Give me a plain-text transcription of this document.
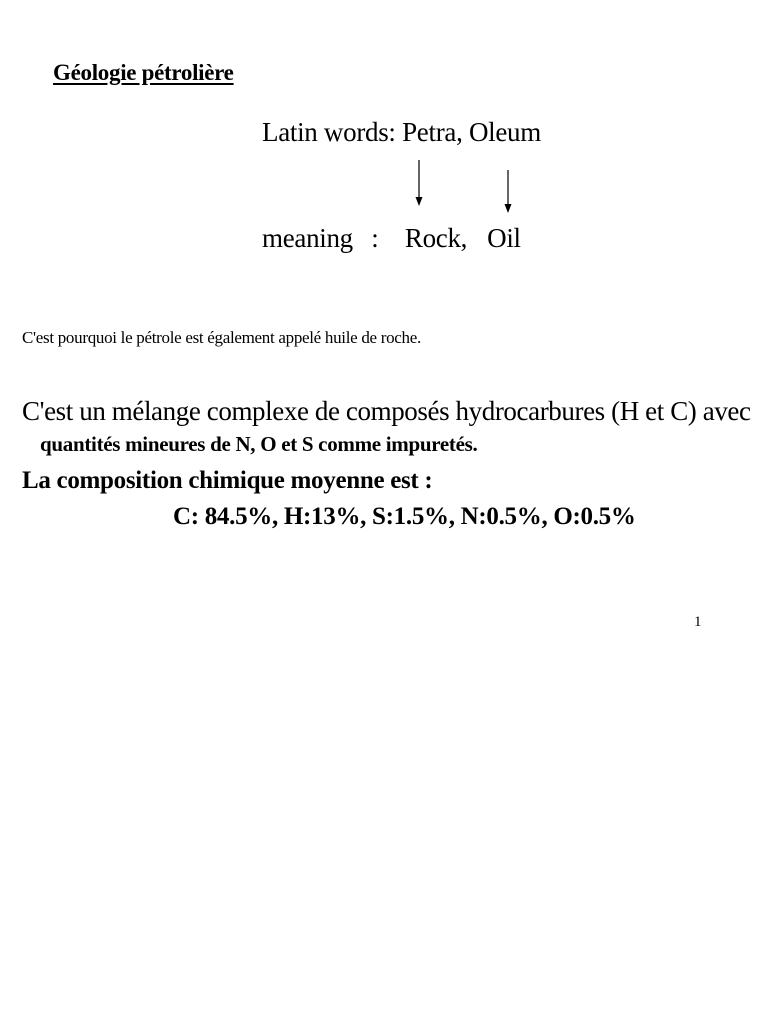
Géologie pétrolière
Latin words: Petra, Oleum
meaning : Rock, Oil
C'est pourquoi le pétrole est également appelé huile de roche.
C'est un mélange complexe de composés hydrocarbures (H et C) avec
quantités mineures de N, O et S comme impuretés.
La composition chimique moyenne est :
C: 84.5%, H:13%, S:1.5%, N:0.5%, O:0.5%
1
